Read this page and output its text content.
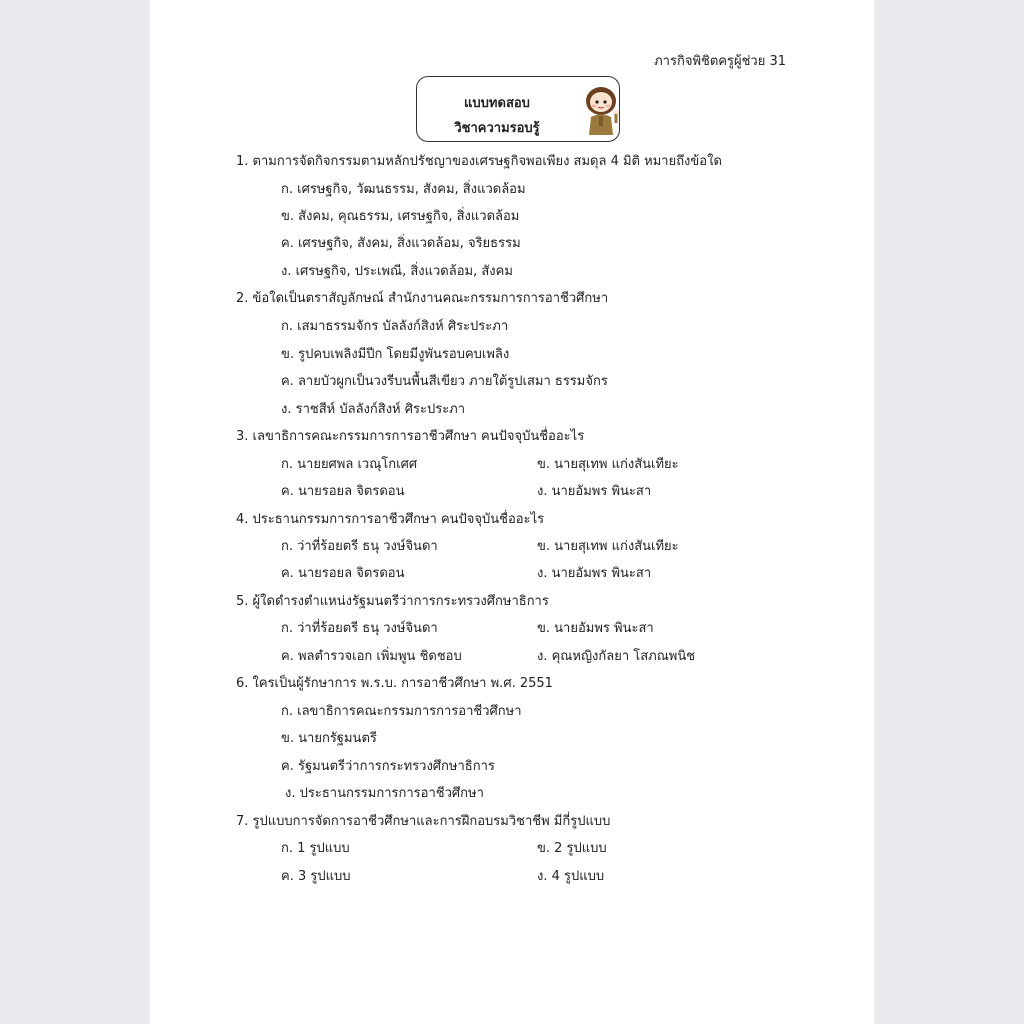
ภารกิจพิชิตครูผู้ช่วย 31
แบบทดสอบ
วิชาความรอบรู้
1. ตามการจัดกิจกรรมตามหลักปรัชญาของเศรษฐกิจพอเพียง สมดุล 4 มิติ หมายถึงข้อใด
ก. เศรษฐกิจ, วัฒนธรรม, สังคม, สิ่งแวดล้อม
ข. สังคม, คุณธรรม, เศรษฐกิจ, สิ่งแวดล้อม
ค. เศรษฐกิจ, สังคม, สิ่งแวดล้อม, จริยธรรม
ง. เศรษฐกิจ, ประเพณี, สิ่งแวดล้อม, สังคม
2. ข้อใดเป็นตราสัญลักษณ์ สำนักงานคณะกรรมการการอาชีวศึกษา
ก. เสมาธรรมจักร บัลลังก์สิงห์ ศิระประภา
ข. รูปคบเพลิงมีปีก โดยมีงูพันรอบคบเพลิง
ค. ลายบัวผูกเป็นวงรีบนพื้นสีเขียว ภายใต้รูปเสมา ธรรมจักร
ง. ราชสีห์ บัลลังก์สิงห์ ศิระประภา
3. เลขาธิการคณะกรรมการการอาชีวศึกษา คนปัจจุบันชื่ออะไร
ก. นายยศพล เวณุโกเศศ	ข. นายสุเทพ แก่งสันเทียะ
ค. นายรอยล จิตรดอน	ง. นายอัมพร พินะสา
4. ประธานกรรมการการอาชีวศึกษา คนปัจจุบันชื่ออะไร
ก. ว่าที่ร้อยตรี ธนุ วงษ์จินดา	ข. นายสุเทพ แก่งสันเทียะ
ค. นายรอยล จิตรดอน	ง. นายอัมพร พินะสา
5. ผู้ใดดำรงตำแหน่งรัฐมนตรีว่าการกระทรวงศึกษาธิการ
ก. ว่าที่ร้อยตรี ธนุ วงษ์จินดา	ข. นายอัมพร พินะสา
ค. พลตำรวจเอก เพิ่มพูน ชิดชอบ	ง. คุณหญิงกัลยา โสภณพนิช
6. ใครเป็นผู้รักษาการ พ.ร.บ. การอาชีวศึกษา พ.ศ. 2551
ก. เลขาธิการคณะกรรมการการอาชีวศึกษา
ข. นายกรัฐมนตรี
ค. รัฐมนตรีว่าการกระทรวงศึกษาธิการ
ง. ประธานกรรมการการอาชีวศึกษา
7. รูปแบบการจัดการอาชีวศึกษาและการฝึกอบรมวิชาชีพ มีกี่รูปแบบ
ก. 1 รูปแบบ	ข. 2 รูปแบบ
ค. 3 รูปแบบ	ง. 4 รูปแบบ
